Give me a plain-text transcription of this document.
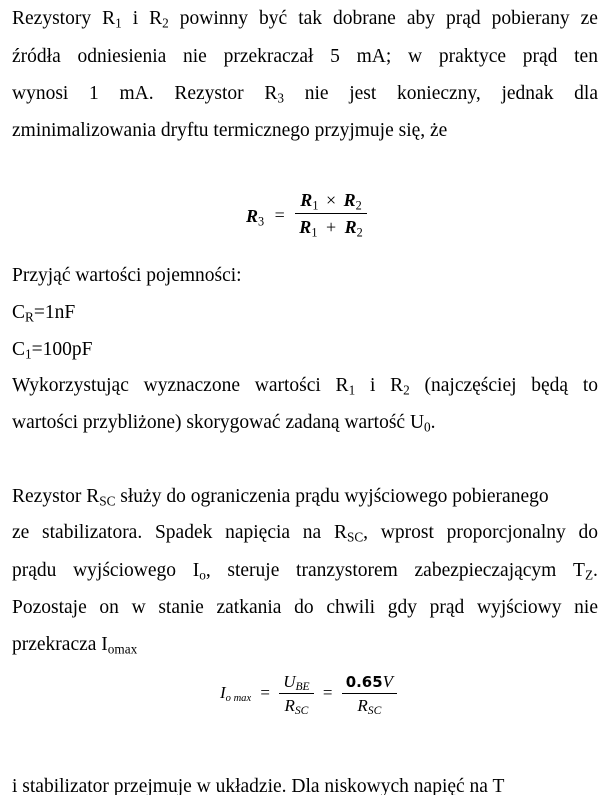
Rezystory $R_1$ i $R_2$ powinny być tak dobrane aby prąd pobierany ze
źródła odniesienia nie przekraczał 5 mA; w praktyce prąd ten
wynosi 1 mA. Rezystor $R_3$ nie jest konieczny, jednak dla
zminimalizowania dryftu termicznego przyjmuje się, że
$R_3 = \frac{R_1 \times R_2}{R_1 + R_2}$
Przyjąć wartości pojemności:
$C_R=1nF$
$C_1=100pF$
Wykorzystując wyznaczone wartości $R_1$ i $R_2$ (najczęściej będą to
wartości przybliżone) skorygować zadaną wartość $U_0$.
Rezystor $R_{SC}$ służy do ograniczenia prądu wyjściowego pobieranego
ze stabilizatora. Spadek napięcia na $R_{SC}$, wprost proporcjonalny do
prądu wyjściowego $I_o$, steruje tranzystorem zabezpieczającym $T_Z$.
Pozostaje on w stanie zatkania do chwili gdy prąd wyjściowy nie
przekracza $I_{omax}$
$I_{o max} = \frac{U_{BE}}{R_{SC}} = \frac{0.65V}{R_{SC}}$
i stabilizator przejmuje w układzie. Dla niskowych napięć na T
